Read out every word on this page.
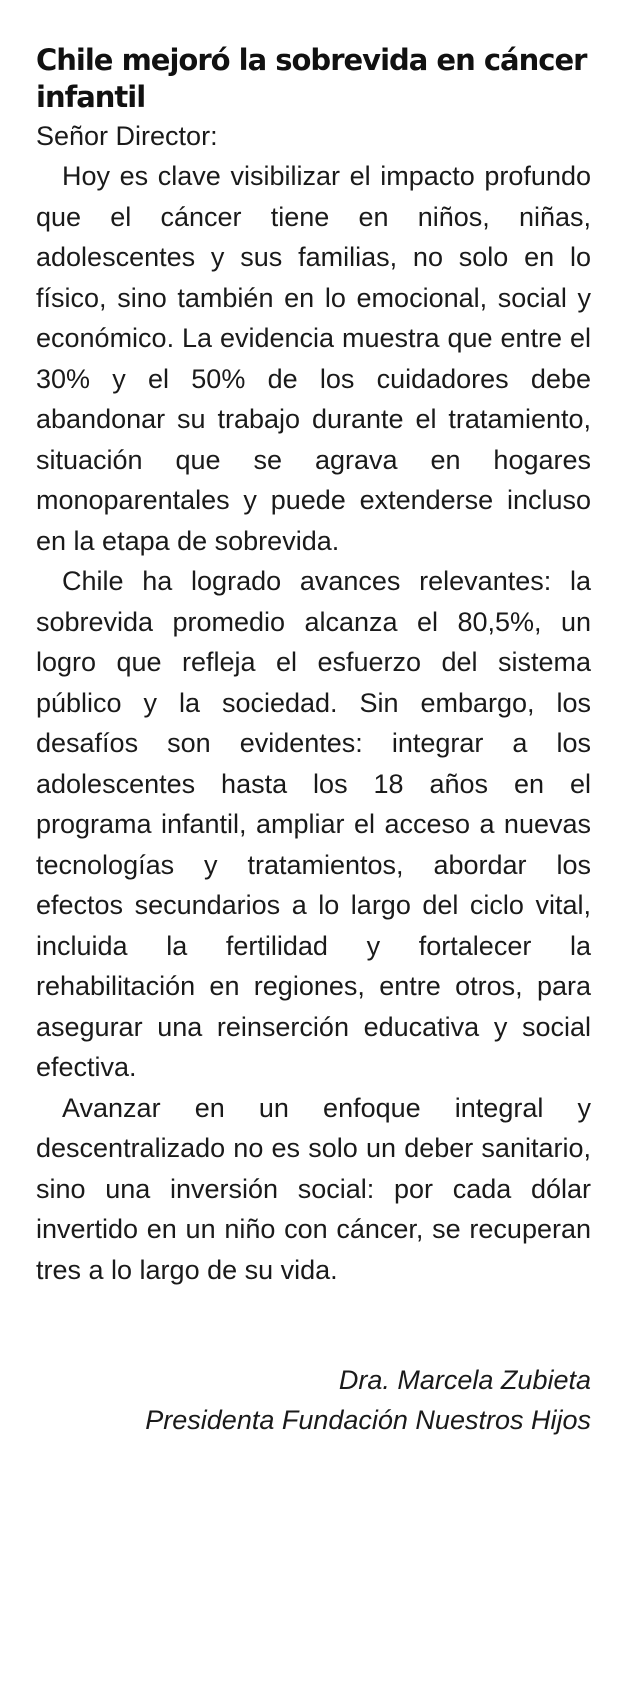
Chile mejoró la sobrevida en cáncer infantil

Señor Director:

Hoy es clave visibilizar el impacto profundo que el cáncer tiene en niños, niñas, adolescentes y sus familias, no solo en lo físico, sino también en lo emocional, social y económico. La evidencia muestra que entre el 30% y el 50% de los cuidadores debe abandonar su trabajo durante el tratamiento, situación que se agrava en hogares monoparentales y puede extenderse incluso en la etapa de sobrevida.

Chile ha logrado avances relevantes: la sobrevida promedio alcanza el 80,5%, un logro que refleja el esfuerzo del sistema público y la sociedad. Sin embargo, los desafíos son evidentes: integrar a los adolescentes hasta los 18 años en el programa infantil, ampliar el acceso a nuevas tecnologías y tratamientos, abordar los efectos secundarios a lo largo del ciclo vital, incluida la fertilidad y fortalecer la rehabilitación en regiones, entre otros, para asegurar una reinserción educativa y social efectiva.

Avanzar en un enfoque integral y descentralizado no es solo un deber sanitario, sino una inversión social: por cada dólar invertido en un niño con cáncer, se recuperan tres a lo largo de su vida.

Dra. Marcela Zubieta
Presidenta Fundación Nuestros Hijos
